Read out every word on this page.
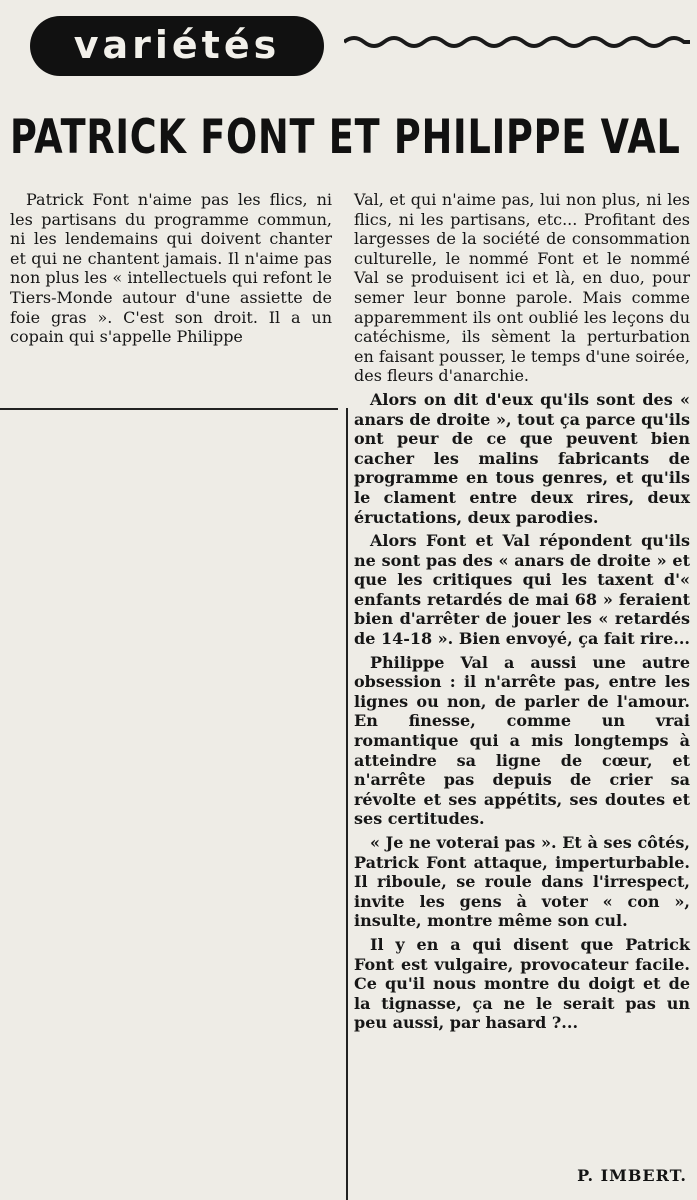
variétés
PATRICK FONT ET PHILIPPE VAL

Patrick Font n'aime pas les flics, ni les partisans du programme commun, ni les lendemains qui doivent chanter et qui ne chantent jamais. Il n'aime pas non plus les « intellectuels qui refont le Tiers-Monde autour d'une assiette de foie gras ». C'est son droit. Il a un copain qui s'appelle Philippe

Val, et qui n'aime pas, lui non plus, ni les flics, ni les partisans, etc... Profitant des largesses de la société de consommation culturelle, le nommé Font et le nommé Val se produisent ici et là, en duo, pour semer leur bonne parole. Mais comme apparemment ils ont oublié les leçons du catéchisme, ils sèment la perturbation en faisant pousser, le temps d'une soirée, des fleurs d'anarchie.

Alors on dit d'eux qu'ils sont des « anars de droite », tout ça parce qu'ils ont peur de ce que peuvent bien cacher les malins fabricants de programme en tous genres, et qu'ils le clament entre deux rires, deux éructations, deux parodies.

Alors Font et Val répondent qu'ils ne sont pas des « anars de droite » et que les critiques qui les taxent d'« enfants retardés de mai 68 » feraient bien d'arrêter de jouer les « retardés de 14-18 ». Bien envoyé, ça fait rire...

Philippe Val a aussi une autre obsession : il n'arrête pas, entre les lignes ou non, de parler de l'amour. En finesse, comme un vrai romantique qui a mis longtemps à atteindre sa ligne de cœur, et n'arrête pas depuis de crier sa révolte et ses appétits, ses doutes et ses certitudes.

« Je ne voterai pas ». Et à ses côtés, Patrick Font attaque, imperturbable. Il riboule, se roule dans l'irrespect, invite les gens à voter « con », insulte, montre même son cul.

Il y en a qui disent que Patrick Font est vulgaire, provocateur facile. Ce qu'il nous montre du doigt et de la tignasse, ça ne le serait pas un peu aussi, par hasard ?...

P. IMBERT.
